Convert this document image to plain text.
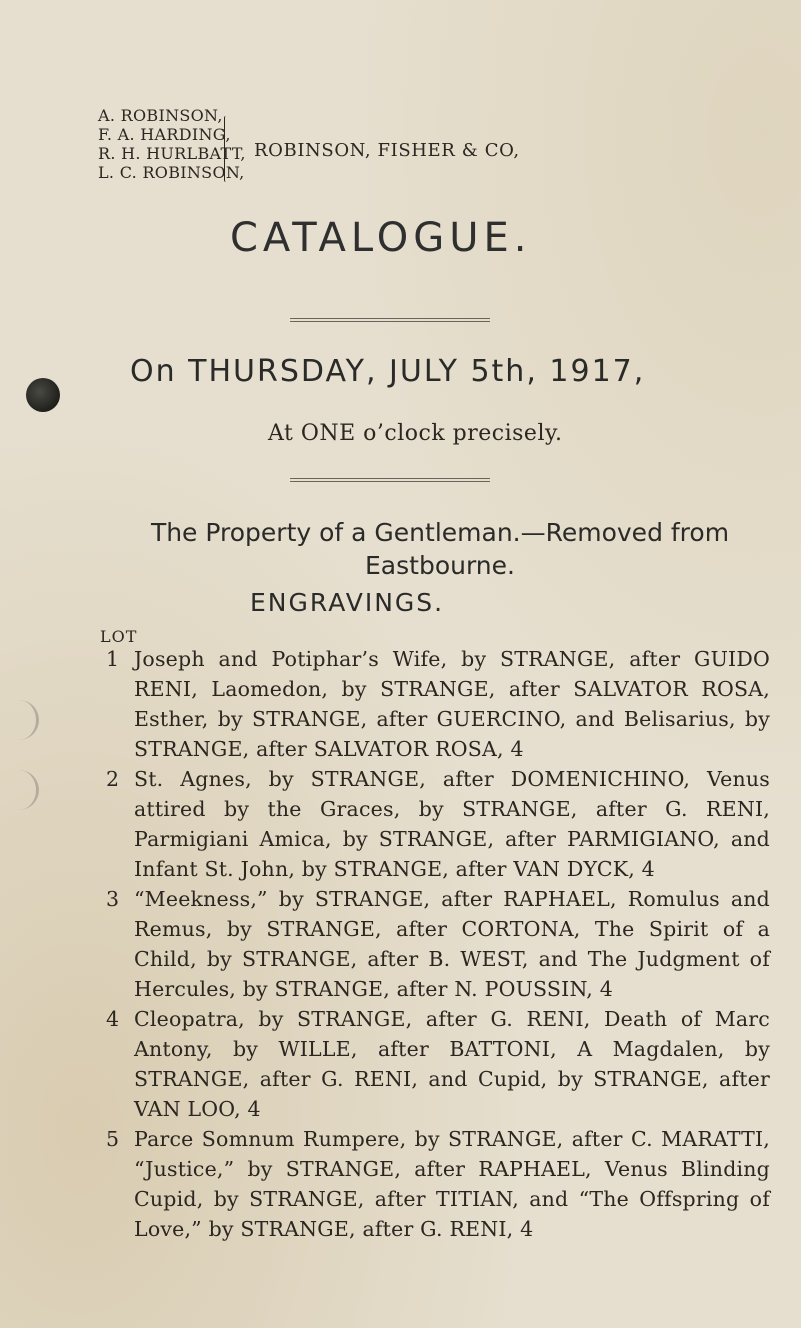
A. ROBINSON,
F. A. HARDING,
R. H. HURLBATT,
L. C. ROBINSON,
ROBINSON, FISHER & CO,
CATALOGUE.
On THURSDAY, JULY 5th, 1917,
At ONE o’clock precisely.
The Property of a Gentleman.—Removed from Eastbourne.
ENGRAVINGS.
LOT
1 Joseph and Potiphar’s Wife, by STRANGE, after GUIDO RENI, Laomedon, by STRANGE, after SALVATOR ROSA, Esther, by STRANGE, after GUERCINO, and Belisarius, by STRANGE, after SALVATOR ROSA, 4
2 St. Agnes, by STRANGE, after DOMENICHINO, Venus attired by the Graces, by STRANGE, after G. RENI, Parmigiani Amica, by STRANGE, after PARMIGIANO, and Infant St. John, by STRANGE, after VAN DYCK, 4
3 “Meekness,” by STRANGE, after RAPHAEL, Romulus and Remus, by STRANGE, after CORTONA, The Spirit of a Child, by STRANGE, after B. WEST, and The Judgment of Hercules, by STRANGE, after N. POUSSIN, 4
4 Cleopatra, by STRANGE, after G. RENI, Death of Marc Antony, by WILLE, after BATTONI, A Magdalen, by STRANGE, after G. RENI, and Cupid, by STRANGE, after VAN LOO, 4
5 Parce Somnum Rumpere, by STRANGE, after C. MARATTI, “Justice,” by STRANGE, after RAPHAEL, Venus Blinding Cupid, by STRANGE, after TITIAN, and “The Offspring of Love,” by STRANGE, after G. RENI, 4
